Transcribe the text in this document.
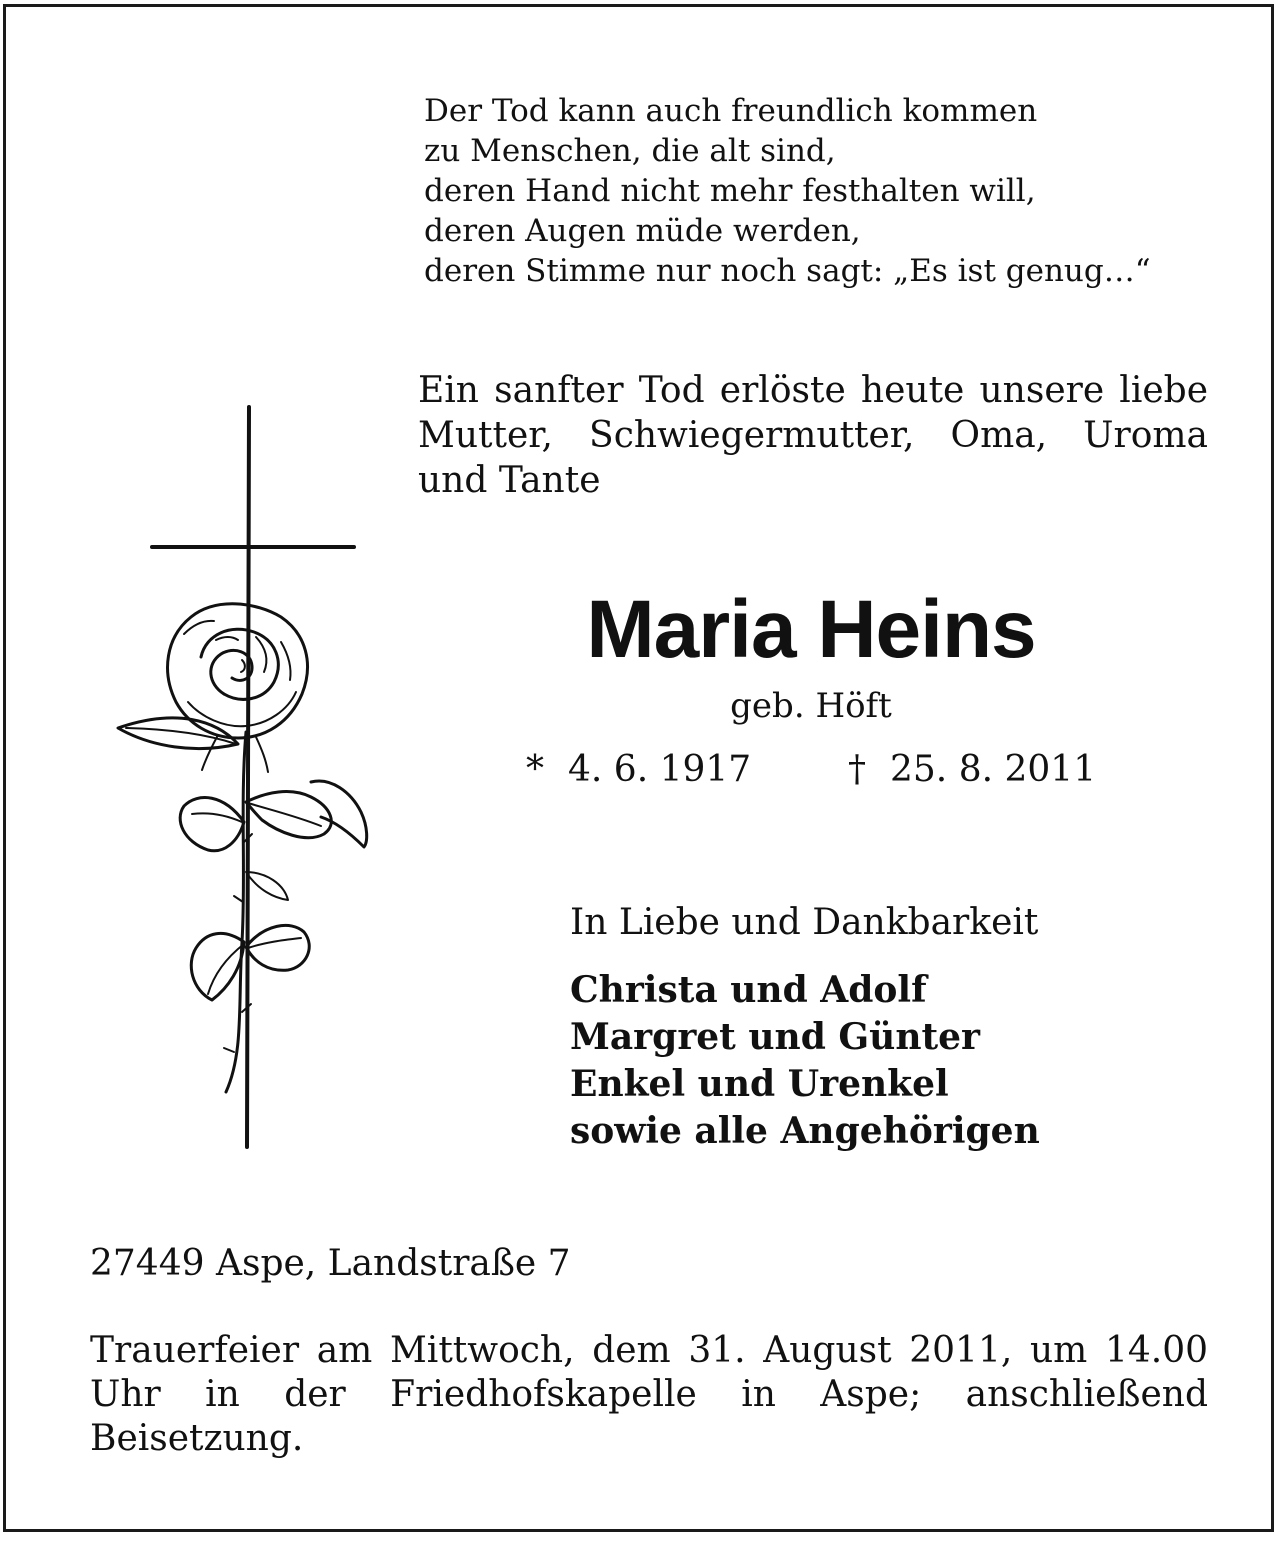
Der Tod kann auch freundlich kommen
zu Menschen, die alt sind,
deren Hand nicht mehr festhalten will,
deren Augen müde werden,
deren Stimme nur noch sagt: „Es ist genug…“
Ein sanfter Tod erlöste heute unsere liebe Mutter, Schwiegermutter, Oma, Uroma und Tante
Maria Heins
geb. Höft
* 4. 6. 1917	† 25. 8. 2011
In Liebe und Dankbarkeit
Christa und Adolf
Margret und Günter
Enkel und Urenkel
sowie alle Angehörigen
27449 Aspe, Landstraße 7
Trauerfeier am Mittwoch, dem 31. August 2011, um 14.00 Uhr in der Friedhofskapelle in Aspe; anschließend Beisetzung.
